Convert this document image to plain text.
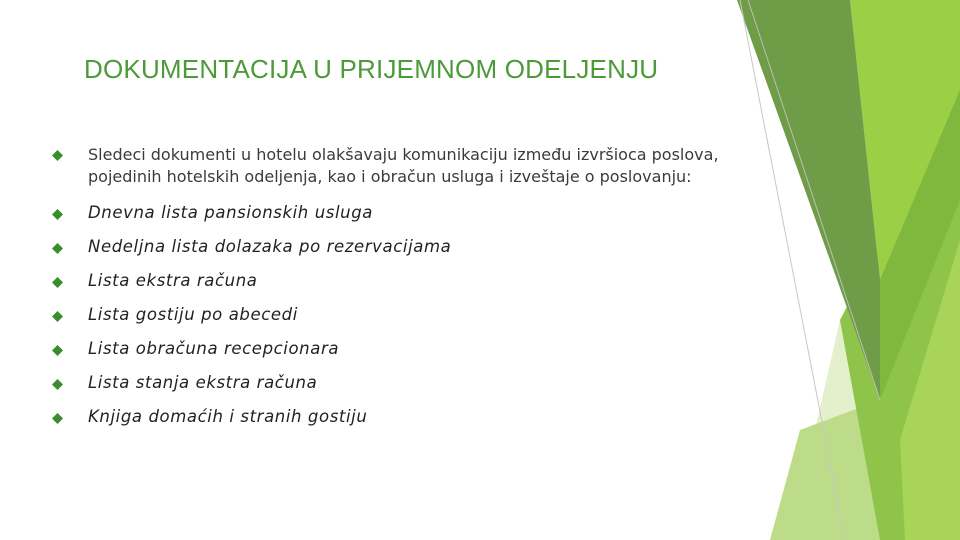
DOKUMENTACIJA U PRIJEMNOM ODELJENJU
Sledeci dokumenti u hotelu olakšavaju komunikaciju između izvršioca poslova, pojedinih hotelskih odeljenja, kao i obračun usluga i izveštaje o poslovanju:
Dnevna lista pansionskih usluga
Nedeljna lista dolazaka po rezervacijama
Lista ekstra računa
Lista gostiju po abecedi
Lista obračuna recepcionara
Lista stanja ekstra računa
Knjiga domaćih i stranih gostiju
